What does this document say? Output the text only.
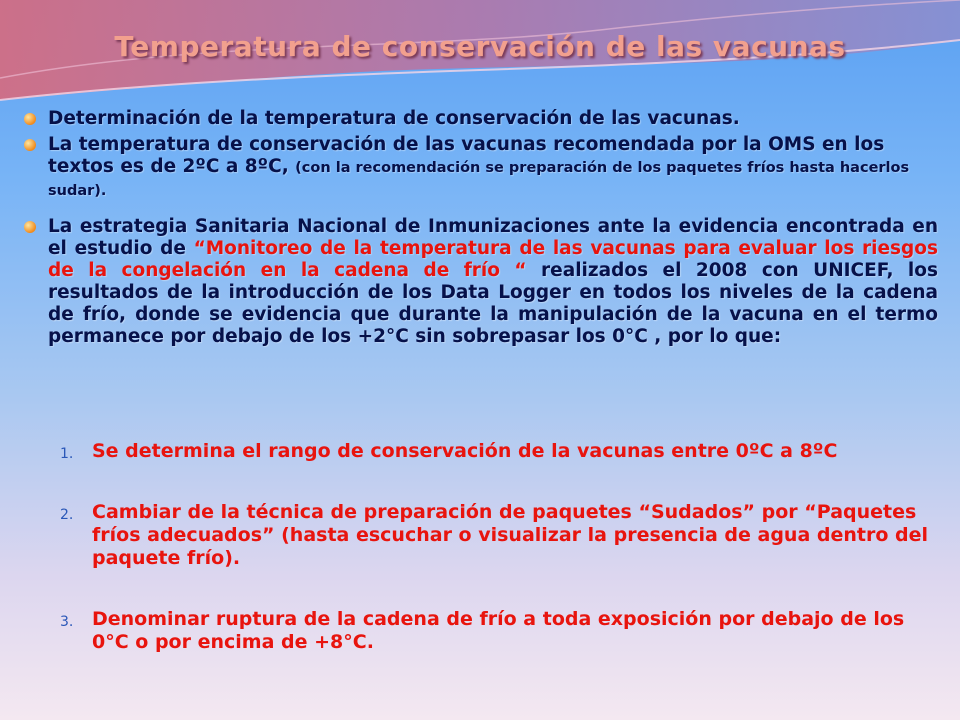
Temperatura de conservación de las vacunas
Determinación de la temperatura de conservación de las vacunas.
La temperatura de conservación de las vacunas recomendada por la OMS en los textos es de 2ºC a 8ºC, (con la recomendación se preparación de los paquetes fríos hasta hacerlos sudar).
La estrategia Sanitaria Nacional de Inmunizaciones ante la evidencia encontrada en el estudio de “Monitoreo de la temperatura de las vacunas para evaluar los riesgos de la congelación en la cadena de frío “ realizados el 2008 con UNICEF, los resultados de la introducción de los Data Logger en todos los niveles de la cadena de frío, donde se evidencia que durante la manipulación de la vacuna en el termo permanece por debajo de los +2°C sin sobrepasar los 0°C , por lo que:
1. Se determina el rango de conservación de la vacunas entre 0ºC a 8ºC
2. Cambiar de la técnica de preparación de paquetes “Sudados” por “Paquetes fríos adecuados” (hasta escuchar o visualizar la presencia de agua dentro del paquete frío).
3. Denominar ruptura de la cadena de frío a toda exposición por debajo de los 0°C o por encima de +8°C.
